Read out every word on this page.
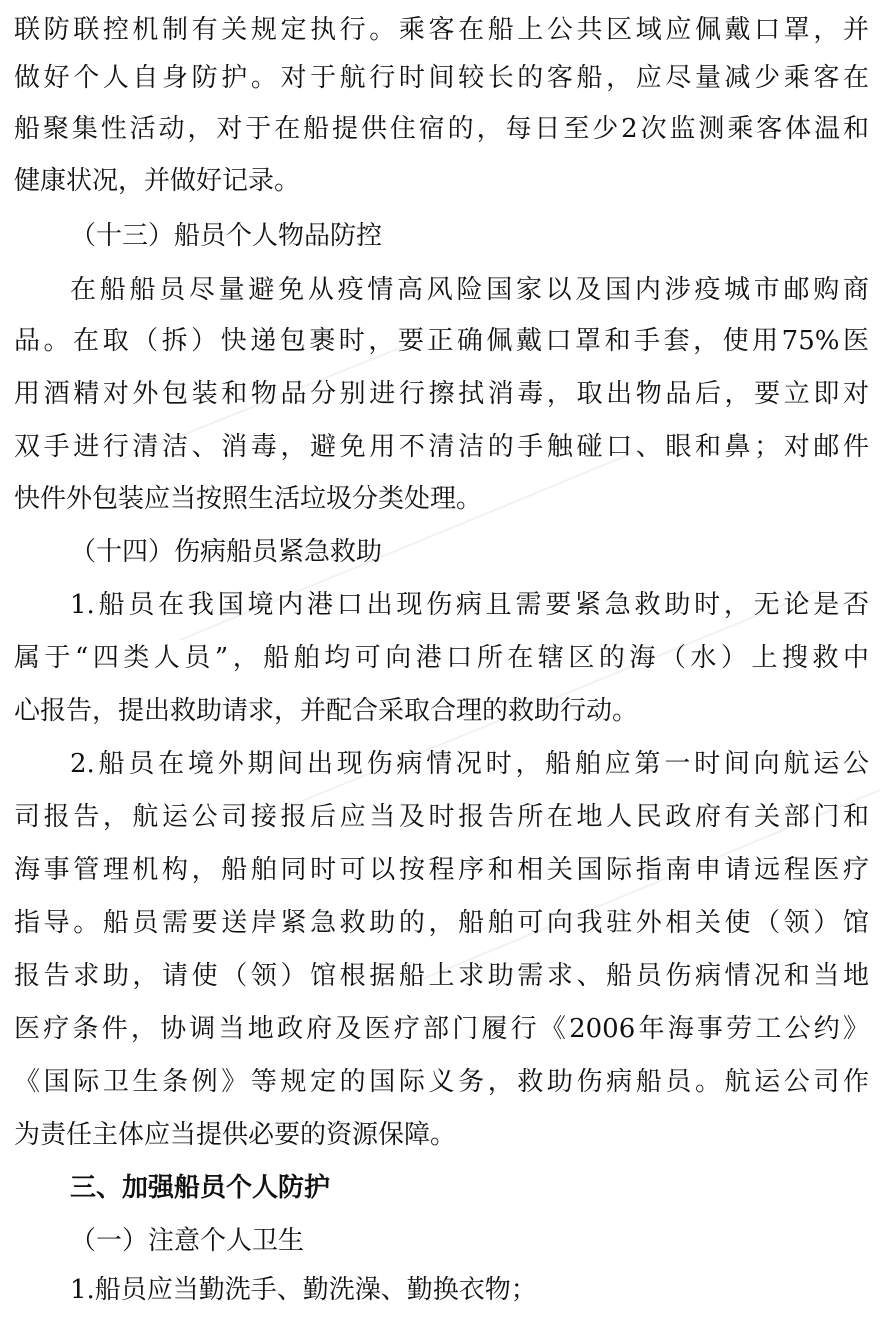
联防联控机制有关规定执行。乘客在船上公共区域应佩戴口罩，并
做好个人自身防护。对于航行时间较长的客船，应尽量减少乘客在
船聚集性活动，对于在船提供住宿的，每日至少2次监测乘客体温和
健康状况，并做好记录。
（十三）船员个人物品防控
在船船员尽量避免从疫情高风险国家以及国内涉疫城市邮购商
品。在取（拆）快递包裹时，要正确佩戴口罩和手套，使用75%医
用酒精对外包装和物品分别进行擦拭消毒，取出物品后，要立即对
双手进行清洁、消毒，避免用不清洁的手触碰口、眼和鼻；对邮件
快件外包装应当按照生活垃圾分类处理。
（十四）伤病船员紧急救助
1.船员在我国境内港口出现伤病且需要紧急救助时，无论是否
属于“四类人员”，船舶均可向港口所在辖区的海（水）上搜救中
心报告，提出救助请求，并配合采取合理的救助行动。
2.船员在境外期间出现伤病情况时，船舶应第一时间向航运公
司报告，航运公司接报后应当及时报告所在地人民政府有关部门和
海事管理机构，船舶同时可以按程序和相关国际指南申请远程医疗
指导。船员需要送岸紧急救助的，船舶可向我驻外相关使（领）馆
报告求助，请使（领）馆根据船上求助需求、船员伤病情况和当地
医疗条件，协调当地政府及医疗部门履行《2006年海事劳工公约》
《国际卫生条例》等规定的国际义务，救助伤病船员。航运公司作
为责任主体应当提供必要的资源保障。
三、加强船员个人防护
（一）注意个人卫生
1.船员应当勤洗手、勤洗澡、勤换衣物；
